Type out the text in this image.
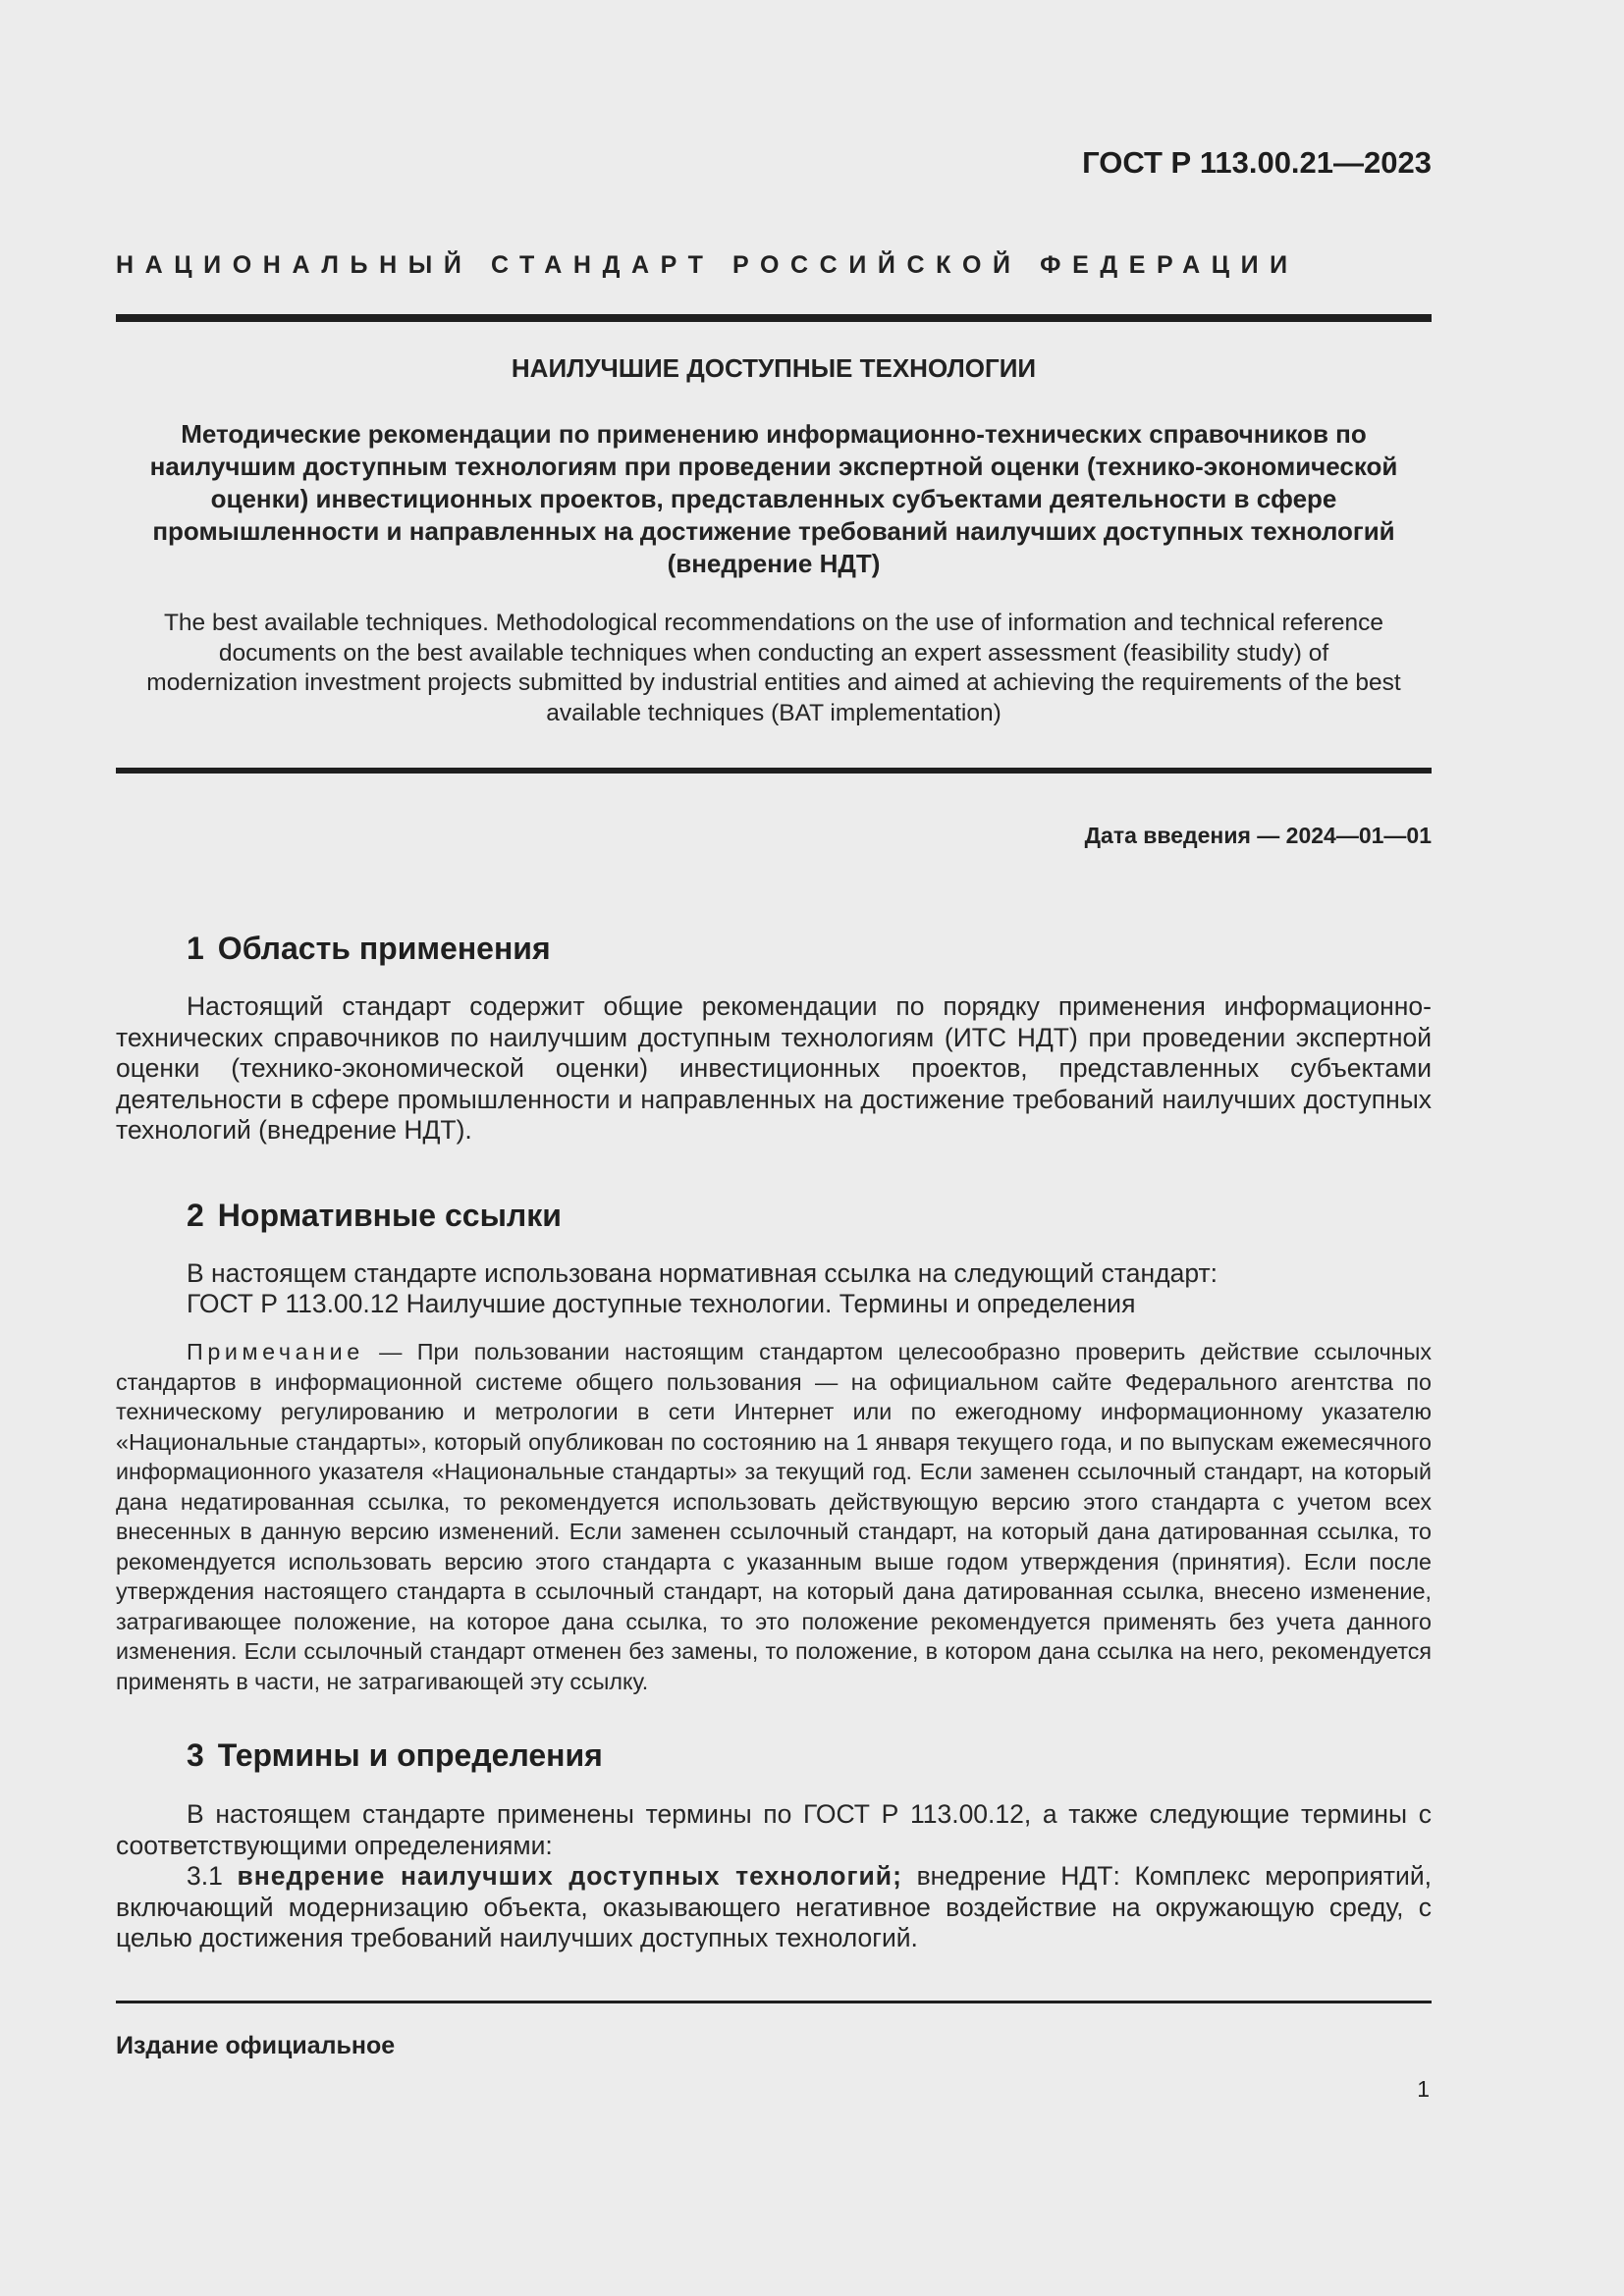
ГОСТ Р 113.00.21—2023
НАЦИОНАЛЬНЫЙ СТАНДАРТ РОССИЙСКОЙ ФЕДЕРАЦИИ
НАИЛУЧШИЕ ДОСТУПНЫЕ ТЕХНОЛОГИИ
Методические рекомендации по применению информационно-технических справочников по наилучшим доступным технологиям при проведении экспертной оценки (технико-экономической оценки) инвестиционных проектов, представленных субъектами деятельности в сфере промышленности и направленных на достижение требований наилучших доступных технологий (внедрение НДТ)
The best available techniques. Methodological recommendations on the use of information and technical reference documents on the best available techniques when conducting an expert assessment (feasibility study) of modernization investment projects submitted by industrial entities and aimed at achieving the requirements of the best available techniques (BAT implementation)
Дата введения — 2024—01—01
1 Область применения

Настоящий стандарт содержит общие рекомендации по порядку применения информационно-технических справочников по наилучшим доступным технологиям (ИТС НДТ) при проведении экспертной оценки (технико-экономической оценки) инвестиционных проектов, представленных субъектами деятельности в сфере промышленности и направленных на достижение требований наилучших доступных технологий (внедрение НДТ).

2 Нормативные ссылки

В настоящем стандарте использована нормативная ссылка на следующий стандарт:

ГОСТ Р 113.00.12 Наилучшие доступные технологии. Термины и определения

Примечание — При пользовании настоящим стандартом целесообразно проверить действие ссылочных стандартов в информационной системе общего пользования — на официальном сайте Федерального агентства по техническому регулированию и метрологии в сети Интернет или по ежегодному информационному указателю «Национальные стандарты», который опубликован по состоянию на 1 января текущего года, и по выпускам ежемесячного информационного указателя «Национальные стандарты» за текущий год. Если заменен ссылочный стандарт, на который дана недатированная ссылка, то рекомендуется использовать действующую версию этого стандарта с учетом всех внесенных в данную версию изменений. Если заменен ссылочный стандарт, на который дана датированная ссылка, то рекомендуется использовать версию этого стандарта с указанным выше годом утверждения (принятия). Если после утверждения настоящего стандарта в ссылочный стандарт, на который дана датированная ссылка, внесено изменение, затрагивающее положение, на которое дана ссылка, то это положение рекомендуется применять без учета данного изменения. Если ссылочный стандарт отменен без замены, то положение, в котором дана ссылка на него, рекомендуется применять в части, не затрагивающей эту ссылку.

3 Термины и определения

В настоящем стандарте применены термины по ГОСТ Р 113.00.12, а также следующие термины с соответствующими определениями:

3.1 внедрение наилучших доступных технологий; внедрение НДТ: Комплекс мероприятий, включающий модернизацию объекта, оказывающего негативное воздействие на окружающую среду, с целью достижения требований наилучших доступных технологий.

Издание официальное
1
